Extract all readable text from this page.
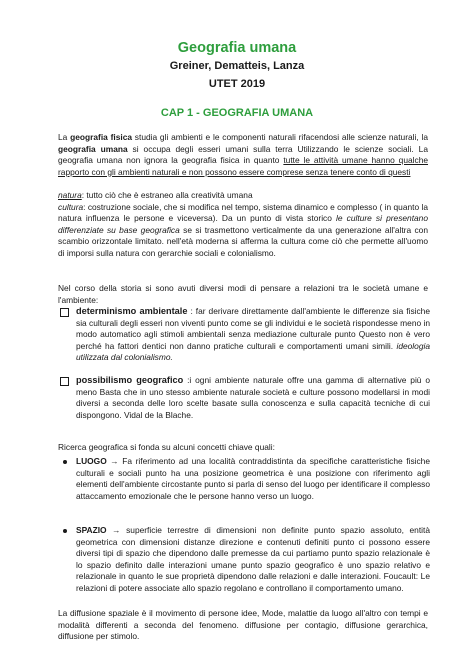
Geografia umana
Greiner, Dematteis, Lanza
UTET 2019
CAP 1 - GEOGRAFIA UMANA
La geografia fisica studia gli ambienti e le componenti naturali rifacendosi alle scienze naturali, la geografia umana si occupa degli esseri umani sulla terra Utilizzando le scienze sociali. La geografia umana non ignora la geografia fisica in quanto tutte le attività umane hanno qualche rapporto con gli ambienti naturali e non possono essere comprese senza tenere conto di questi
natura: tutto ciò che è estraneo alla creatività umana
cultura: costruzione sociale, che si modifica nel tempo, sistema dinamico e complesso ( in quanto la natura influenza le persone e viceversa). Da un punto di vista storico le culture si presentano differenziate su base geografica se si trasmettono verticalmente da una generazione all'altra con scambio orizzontale limitato. nell'età moderna si afferma la cultura come ciò che permette all'uomo di imporsi sulla natura con gerarchie sociali e colonialismo.
Nel corso della storia si sono avuti diversi modi di pensare a relazioni tra le società umane e l'ambiente:
determinismo ambientale : far derivare direttamente dall'ambiente le differenze sia fisiche sia culturali degli esseri non viventi punto come se gli individui e le società rispondesse meno in modo automatico agli stimoli ambientali senza mediazione culturale punto Questo non è vero perché ha fattori dentici non danno pratiche culturali e comportamenti umani simili. ideologia utilizzata dal colonialismo.
possibilismo geografico :i ogni ambiente naturale offre una gamma di alternative più o meno Basta che in uno stesso ambiente naturale società e culture possono modellarsi in modi diversi a seconda delle loro scelte basate sulla conoscenza e sulla capacità tecniche di cui dispongono. Vidal de la Blache.
Ricerca geografica si fonda su alcuni concetti chiave quali:
LUOGO → Fa riferimento ad una località contraddistinta da specifiche caratteristiche fisiche culturali e sociali punto ha una posizione geometrica è una posizione con riferimento agli elementi dell'ambiente circostante punto si parla di senso del luogo per identificare il complesso attaccamento emozionale che le persone hanno verso un luogo.
SPAZIO → superficie terrestre di dimensioni non definite punto spazio assoluto, entità geometrica con dimensioni distanze direzione e contenuti definiti punto ci possono essere diversi tipi di spazio che dipendono dalle premesse da cui partiamo punto spazio relazionale è lo spazio definito dalle interazioni umane punto spazio geografico è uno spazio relativo e relazionale in quanto le sue proprietà dipendono dalle relazioni e dalle interazioni. Foucault: Le relazioni di potere associate allo spazio regolano e controllano il comportamento umano.
La diffusione spaziale è il movimento di persone idee, Mode, malattie da luogo all'altro con tempi e modalità differenti a seconda del fenomeno. diffusione per contagio, diffusione gerarchica, diffusione per stimolo.
